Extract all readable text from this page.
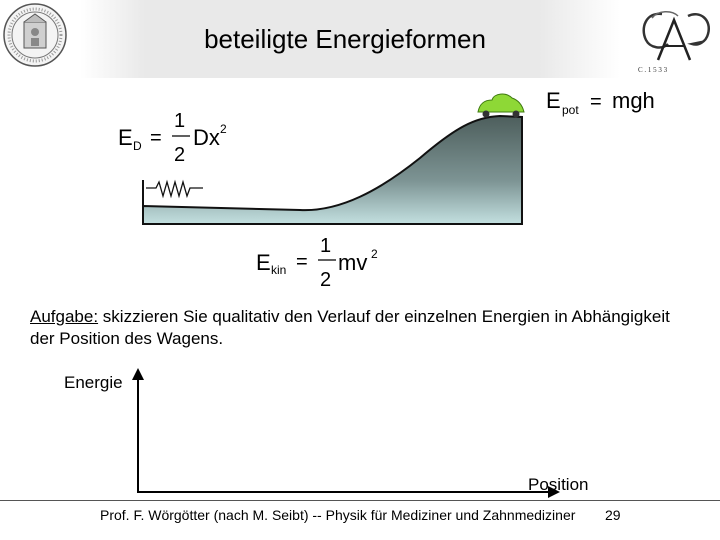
C . 1 5 3 3
beteiligte Energieformen
E D =
1
2
Dx 2
E pot = mgh
E kin =
1
2
mv 2
Aufgabe: skizzieren Sie qualitativ den Verlauf der einzelnen Energien in Abhängigkeit der Position des Wagens.
Energie
Position
Prof. F. Wörgötter (nach M. Seibt) -- Physik für Mediziner und Zahnmediziner 29
